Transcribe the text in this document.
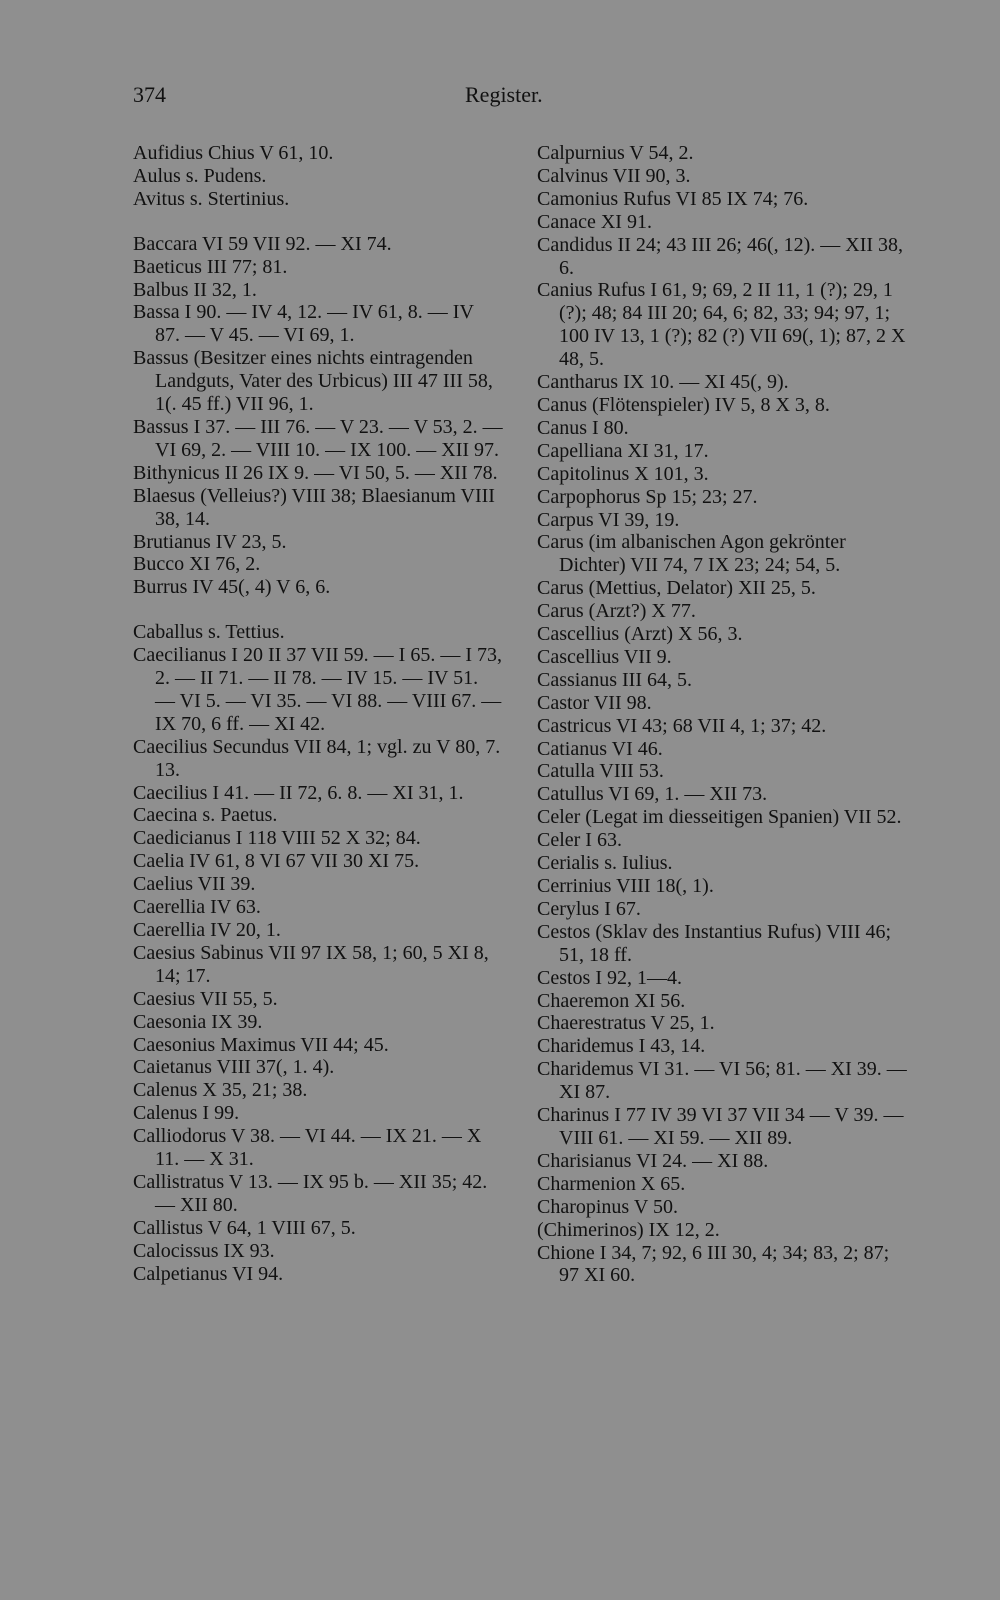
374	Register.
Aufidius Chius V 61, 10.
Aulus s. Pudens.
Avitus s. Stertinius.
Baccara VI 59 VII 92. — XI 74.
Baeticus III 77; 81.
Balbus II 32, 1.
Bassa I 90. — IV 4, 12. — IV 61, 8. — IV 87. — V 45. — VI 69, 1.
Bassus (Besitzer eines nichts eintragenden Landguts, Vater des Urbicus) III 47 III 58, 1(. 45 ff.) VII 96, 1.
Bassus I 37. — III 76. — V 23. — V 53, 2. — VI 69, 2. — VIII 10. — IX 100. — XII 97.
Bithynicus II 26 IX 9. — VI 50, 5. — XII 78.
Blaesus (Velleius?) VIII 38; Blaesianum VIII 38, 14.
Brutianus IV 23, 5.
Bucco XI 76, 2.
Burrus IV 45(, 4) V 6, 6.
Caballus s. Tettius.
Caecilianus I 20 II 37 VII 59. — I 65. — I 73, 2. — II 71. — II 78. — IV 15. — IV 51. — VI 5. — VI 35. — VI 88. — VIII 67. — IX 70, 6 ff. — XI 42.
Caecilius Secundus VII 84, 1; vgl. zu V 80, 7. 13.
Caecilius I 41. — II 72, 6. 8. — XI 31, 1.
Caecina s. Paetus.
Caedicianus I 118 VIII 52 X 32; 84.
Caelia IV 61, 8 VI 67 VII 30 XI 75.
Caelius VII 39.
Caerellia IV 63.
Caerellia IV 20, 1.
Caesius Sabinus VII 97 IX 58, 1; 60, 5 XI 8, 14; 17.
Caesius VII 55, 5.
Caesonia IX 39.
Caesonius Maximus VII 44; 45.
Caietanus VIII 37(, 1. 4).
Calenus X 35, 21; 38.
Calenus I 99.
Calliodorus V 38. — VI 44. — IX 21. — X 11. — X 31.
Callistratus V 13. — IX 95 b. — XII 35; 42. — XII 80.
Callistus V 64, 1 VIII 67, 5.
Calocissus IX 93.
Calpetianus VI 94.
Calpurnius V 54, 2.
Calvinus VII 90, 3.
Camonius Rufus VI 85 IX 74; 76.
Canace XI 91.
Candidus II 24; 43 III 26; 46(, 12). — XII 38, 6.
Canius Rufus I 61, 9; 69, 2 II 11, 1 (?); 29, 1 (?); 48; 84 III 20; 64, 6; 82, 33; 94; 97, 1; 100 IV 13, 1 (?); 82 (?) VII 69(, 1); 87, 2 X 48, 5.
Cantharus IX 10. — XI 45(, 9).
Canus (Flötenspieler) IV 5, 8 X 3, 8.
Canus I 80.
Capelliana XI 31, 17.
Capitolinus X 101, 3.
Carpophorus Sp 15; 23; 27.
Carpus VI 39, 19.
Carus (im albanischen Agon gekrönter Dichter) VII 74, 7 IX 23; 24; 54, 5.
Carus (Mettius, Delator) XII 25, 5.
Carus (Arzt?) X 77.
Cascellius (Arzt) X 56, 3.
Cascellius VII 9.
Cassianus III 64, 5.
Castor VII 98.
Castricus VI 43; 68 VII 4, 1; 37; 42.
Catianus VI 46.
Catulla VIII 53.
Catullus VI 69, 1. — XII 73.
Celer (Legat im diesseitigen Spanien) VII 52.
Celer I 63.
Cerialis s. Iulius.
Cerrinius VIII 18(, 1).
Cerylus I 67.
Cestos (Sklav des Instantius Rufus) VIII 46; 51, 18 ff.
Cestos I 92, 1—4.
Chaeremon XI 56.
Chaerestratus V 25, 1.
Charidemus I 43, 14.
Charidemus VI 31. — VI 56; 81. — XI 39. — XI 87.
Charinus I 77 IV 39 VI 37 VII 34 — V 39. — VIII 61. — XI 59. — XII 89.
Charisianus VI 24. — XI 88.
Charmenion X 65.
Charopinus V 50.
(Chimerinos) IX 12, 2.
Chione I 34, 7; 92, 6 III 30, 4; 34; 83, 2; 87; 97 XI 60.
